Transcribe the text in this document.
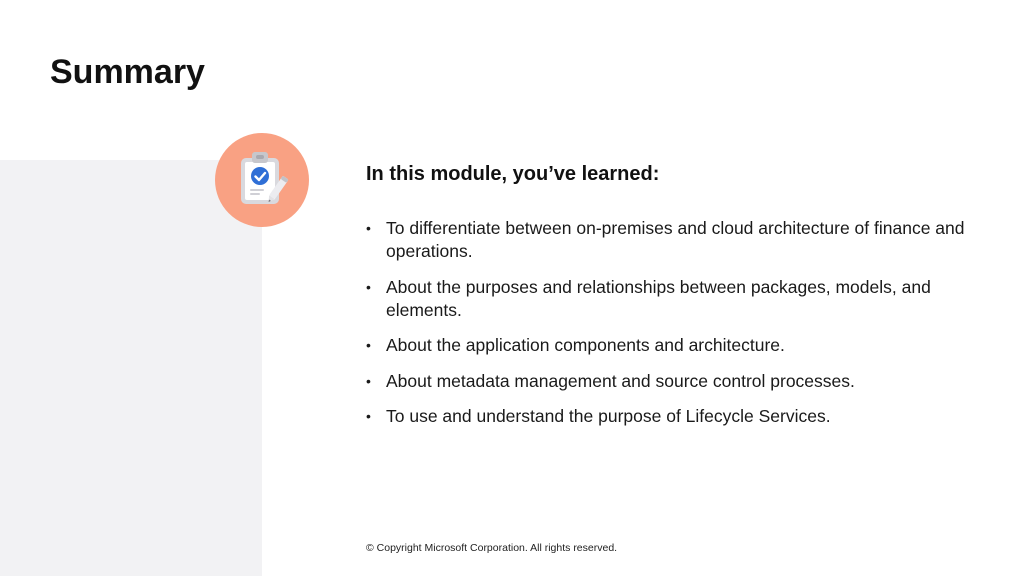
Summary
In this module, you’ve learned:
• To differentiate between on-premises and cloud architecture of finance and operations.
• About the purposes and relationships between packages, models, and elements.
• About the application components and architecture.
• About metadata management and source control processes.
• To use and understand the purpose of Lifecycle Services.
© Copyright Microsoft Corporation. All rights reserved.
